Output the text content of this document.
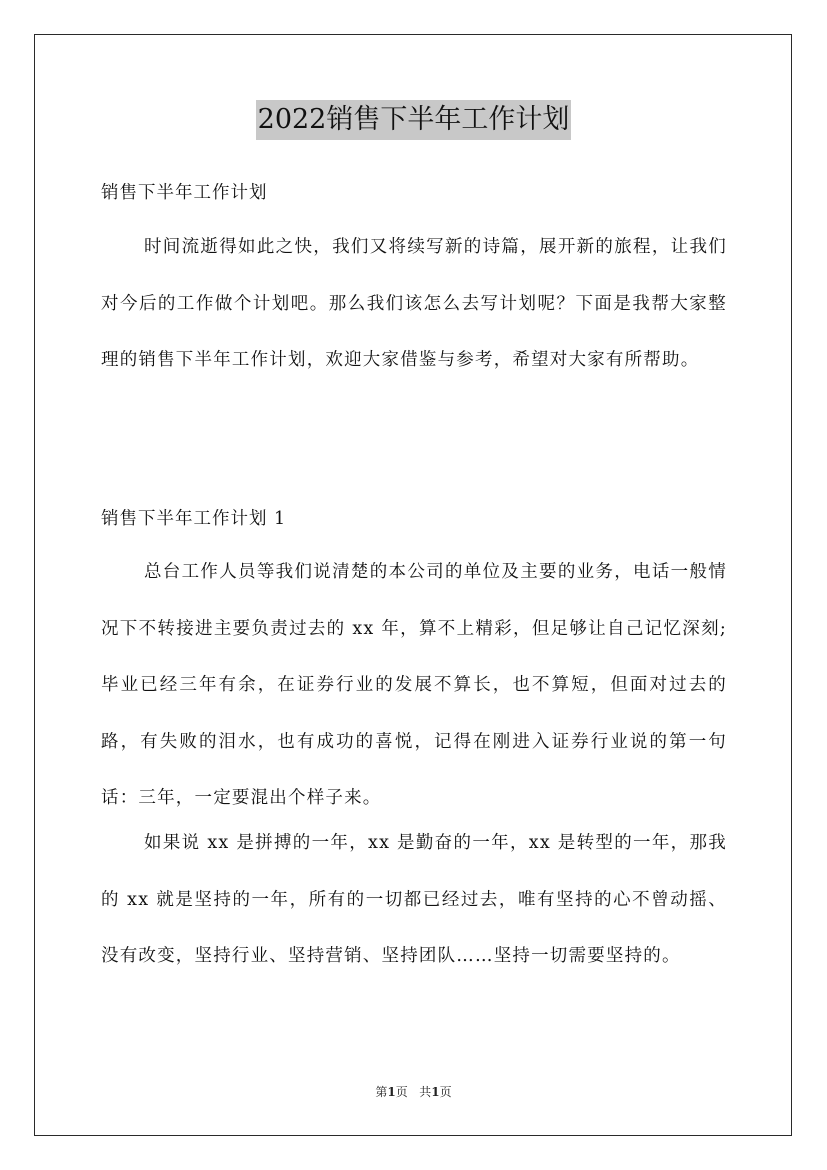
2022销售下半年工作计划
销售下半年工作计划

时间流逝得如此之快，我们又将续写新的诗篇，展开新的旅程，让我们对今后的工作做个计划吧。那么我们该怎么去写计划呢？下面是我帮大家整理的销售下半年工作计划，欢迎大家借鉴与参考，希望对大家有所帮助。

销售下半年工作计划 1

总台工作人员等我们说清楚的本公司的单位及主要的业务，电话一般情况下不转接进主要负责过去的 xx 年，算不上精彩，但足够让自己记忆深刻;毕业已经三年有余，在证券行业的发展不算长，也不算短，但面对过去的路，有失败的泪水，也有成功的喜悦，记得在刚进入证券行业说的第一句话：三年，一定要混出个样子来。

如果说 xx 是拼搏的一年，xx 是勤奋的一年，xx 是转型的一年，那我的 xx 就是坚持的一年，所有的一切都已经过去，唯有坚持的心不曾动摇、没有改变，坚持行业、坚持营销、坚持团队……坚持一切需要坚持的。

第1页 共1页
